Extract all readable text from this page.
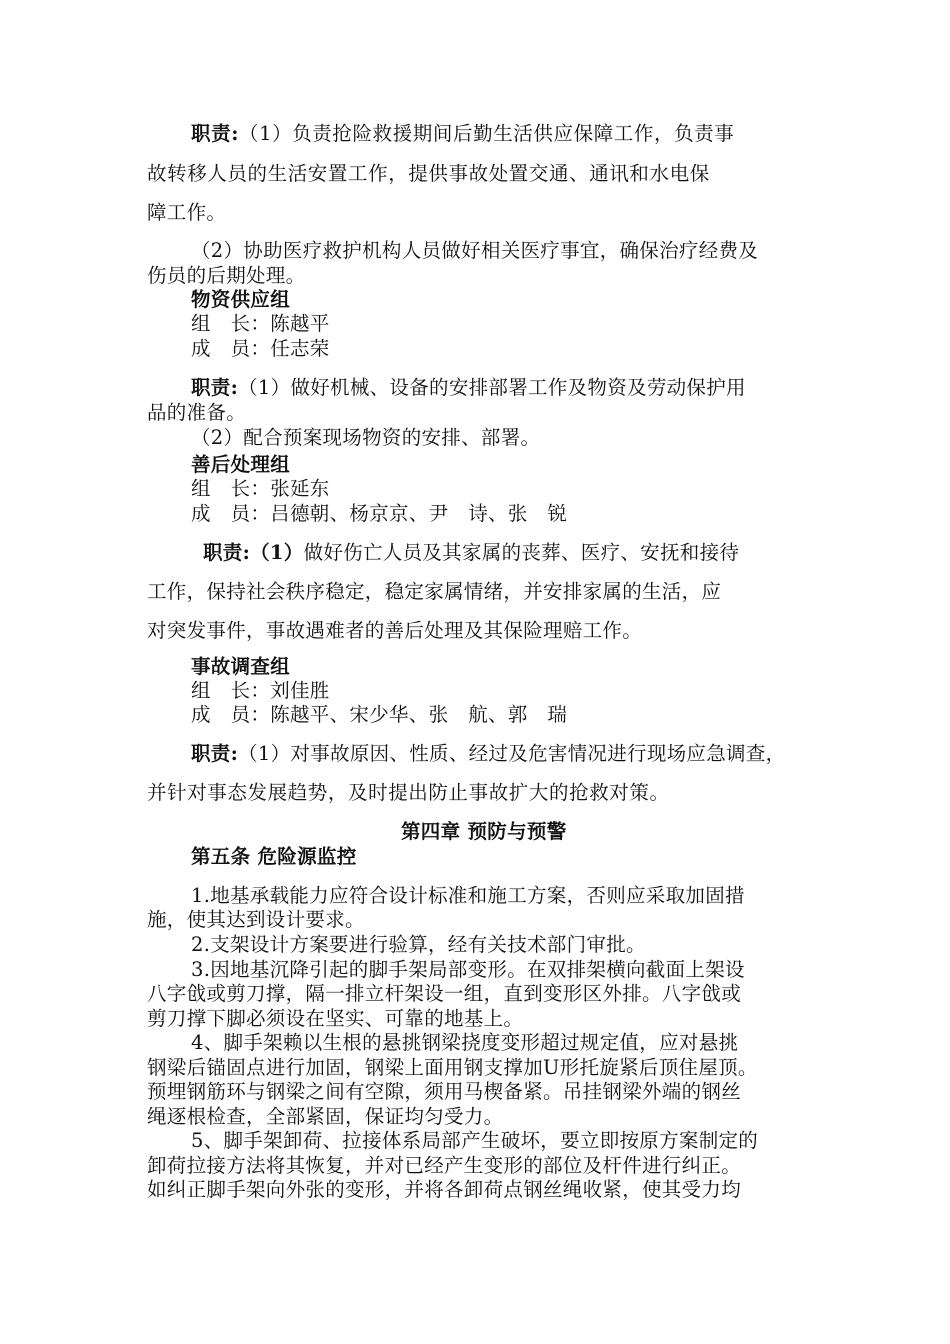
职责:（1）负责抢险救援期间后勤生活供应保障工作，负责事
故转移人员的生活安置工作，提供事故处置交通、通讯和水电保
障工作。
（2）协助医疗救护机构人员做好相关医疗事宜，确保治疗经费及
伤员的后期处理。
物资供应组
组　长：陈越平
成　员：任志荣
职责:（1）做好机械、设备的安排部署工作及物资及劳动保护用
品的准备。
（2）配合预案现场物资的安排、部署。
善后处理组
组　长：张延东
成　员：吕德朝、杨京京、尹　诗、张　锐
职责:（1）做好伤亡人员及其家属的丧葬、医疗、安抚和接待
工作，保持社会秩序稳定，稳定家属情绪，并安排家属的生活，应
对突发事件，事故遇难者的善后处理及其保险理赔工作。
事故调查组
组　长：刘佳胜
成　员：陈越平、宋少华、张　航、郭　瑞
职责:（1）对事故原因、性质、经过及危害情况进行现场应急调查，
并针对事态发展趋势，及时提出防止事故扩大的抢救对策。
第四章 预防与预警
第五条 危险源监控
1.地基承载能力应符合设计标准和施工方案，否则应采取加固措
施，使其达到设计要求。
2.支架设计方案要进行验算，经有关技术部门审批。
3.因地基沉降引起的脚手架局部变形。在双排架横向截面上架设
八字戗或剪刀撑，隔一排立杆架设一组，直到变形区外排。八字戗或
剪刀撑下脚必须设在坚实、可靠的地基上。
4、脚手架赖以生根的悬挑钢梁挠度变形超过规定值，应对悬挑
钢梁后锚固点进行加固，钢梁上面用钢支撑加U形托旋紧后顶住屋顶。
预埋钢筋环与钢梁之间有空隙，须用马楔备紧。吊挂钢梁外端的钢丝
绳逐根检查，全部紧固，保证均匀受力。
5、脚手架卸荷、拉接体系局部产生破坏，要立即按原方案制定的
卸荷拉接方法将其恢复，并对已经产生变形的部位及杆件进行纠正。
如纠正脚手架向外张的变形，并将各卸荷点钢丝绳收紧，使其受力均
